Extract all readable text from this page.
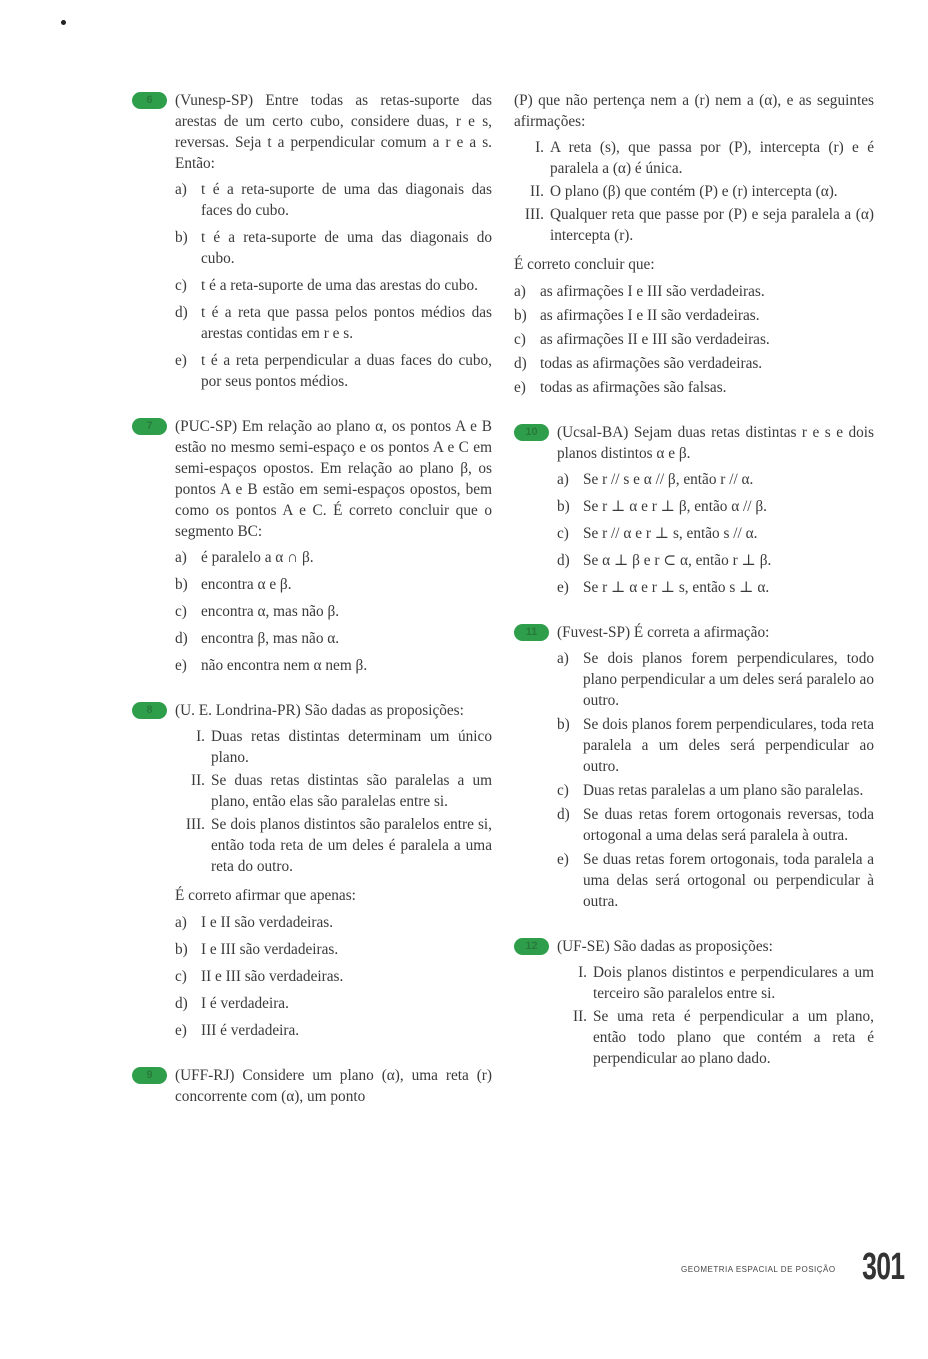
6	(Vunesp-SP) Entre todas as retas-suporte das arestas de um certo cubo, considere duas, r e s, reversas. Seja t a perpendicular comum a r e a s. Então:

a) t é a reta-suporte de uma das diagonais das faces do cubo.
b) t é a reta-suporte de uma das diagonais do cubo.
c) t é a reta-suporte de uma das arestas do cubo.
d) t é a reta que passa pelos pontos médios das arestas contidas em r e s.
e) t é a reta perpendicular a duas faces do cubo, por seus pontos médios.
7	(PUC-SP) Em relação ao plano α, os pontos A e B estão no mesmo semi-espaço e os pontos A e C em semi-espaços opostos. Em relação ao plano β, os pontos A e B estão em semi-espaços opostos, bem como os pontos A e C. É correto concluir que o segmento BC:

a) é paralelo a α ∩ β.
b) encontra α e β.
c) encontra α, mas não β.
d) encontra β, mas não α.
e) não encontra nem α nem β.
8	(U. E. Londrina-PR) São dadas as proposições:

I. Duas retas distintas determinam um único plano.
II. Se duas retas distintas são paralelas a um plano, então elas são paralelas entre si.
III. Se dois planos distintos são paralelos entre si, então toda reta de um deles é paralela a uma reta do outro.

É correto afirmar que apenas:

a) I e II são verdadeiras.
b) I e III são verdadeiras.
c) II e III são verdadeiras.
d) I é verdadeira.
e) III é verdadeira.
9	(UFF-RJ) Considere um plano (α), uma reta (r) concorrente com (α), um ponto

(P) que não pertença nem a (r) nem a (α), e as seguintes afirmações:

I. A reta (s), que passa por (P), intercepta (r) e é paralela a (α) é única.
II. O plano (β) que contém (P) e (r) intercepta (α).
III. Qualquer reta que passe por (P) e seja paralela a (α) intercepta (r).

É correto concluir que:

a) as afirmações I e III são verdadeiras.
b) as afirmações I e II são verdadeiras.
c) as afirmações II e III são verdadeiras.
d) todas as afirmações são verdadeiras.
e) todas as afirmações são falsas.
10	(Ucsal-BA) Sejam duas retas distintas r e s e dois planos distintos α e β.

a) Se r // s e α // β, então r // α.
b) Se r ⊥ α e r ⊥ β, então α // β.
c) Se r // α e r ⊥ s, então s // α.
d) Se α ⊥ β e r ⊂ α, então r ⊥ β.
e) Se r ⊥ α e r ⊥ s, então s ⊥ α.
11	(Fuvest-SP) É correta a afirmação:

a) Se dois planos forem perpendiculares, todo plano perpendicular a um deles será paralelo ao outro.
b) Se dois planos forem perpendiculares, toda reta paralela a um deles será perpendicular ao outro.
c) Duas retas paralelas a um plano são paralelas.
d) Se duas retas forem ortogonais reversas, toda ortogonal a uma delas será paralela à outra.
e) Se duas retas forem ortogonais, toda paralela a uma delas será ortogonal ou perpendicular à outra.
12	(UF-SE) São dadas as proposições:

I. Dois planos distintos e perpendiculares a um terceiro são paralelos entre si.
II. Se uma reta é perpendicular a um plano, então todo plano que contém a reta é perpendicular ao plano dado.
GEOMETRIA ESPACIAL DE POSIÇÃO 301
